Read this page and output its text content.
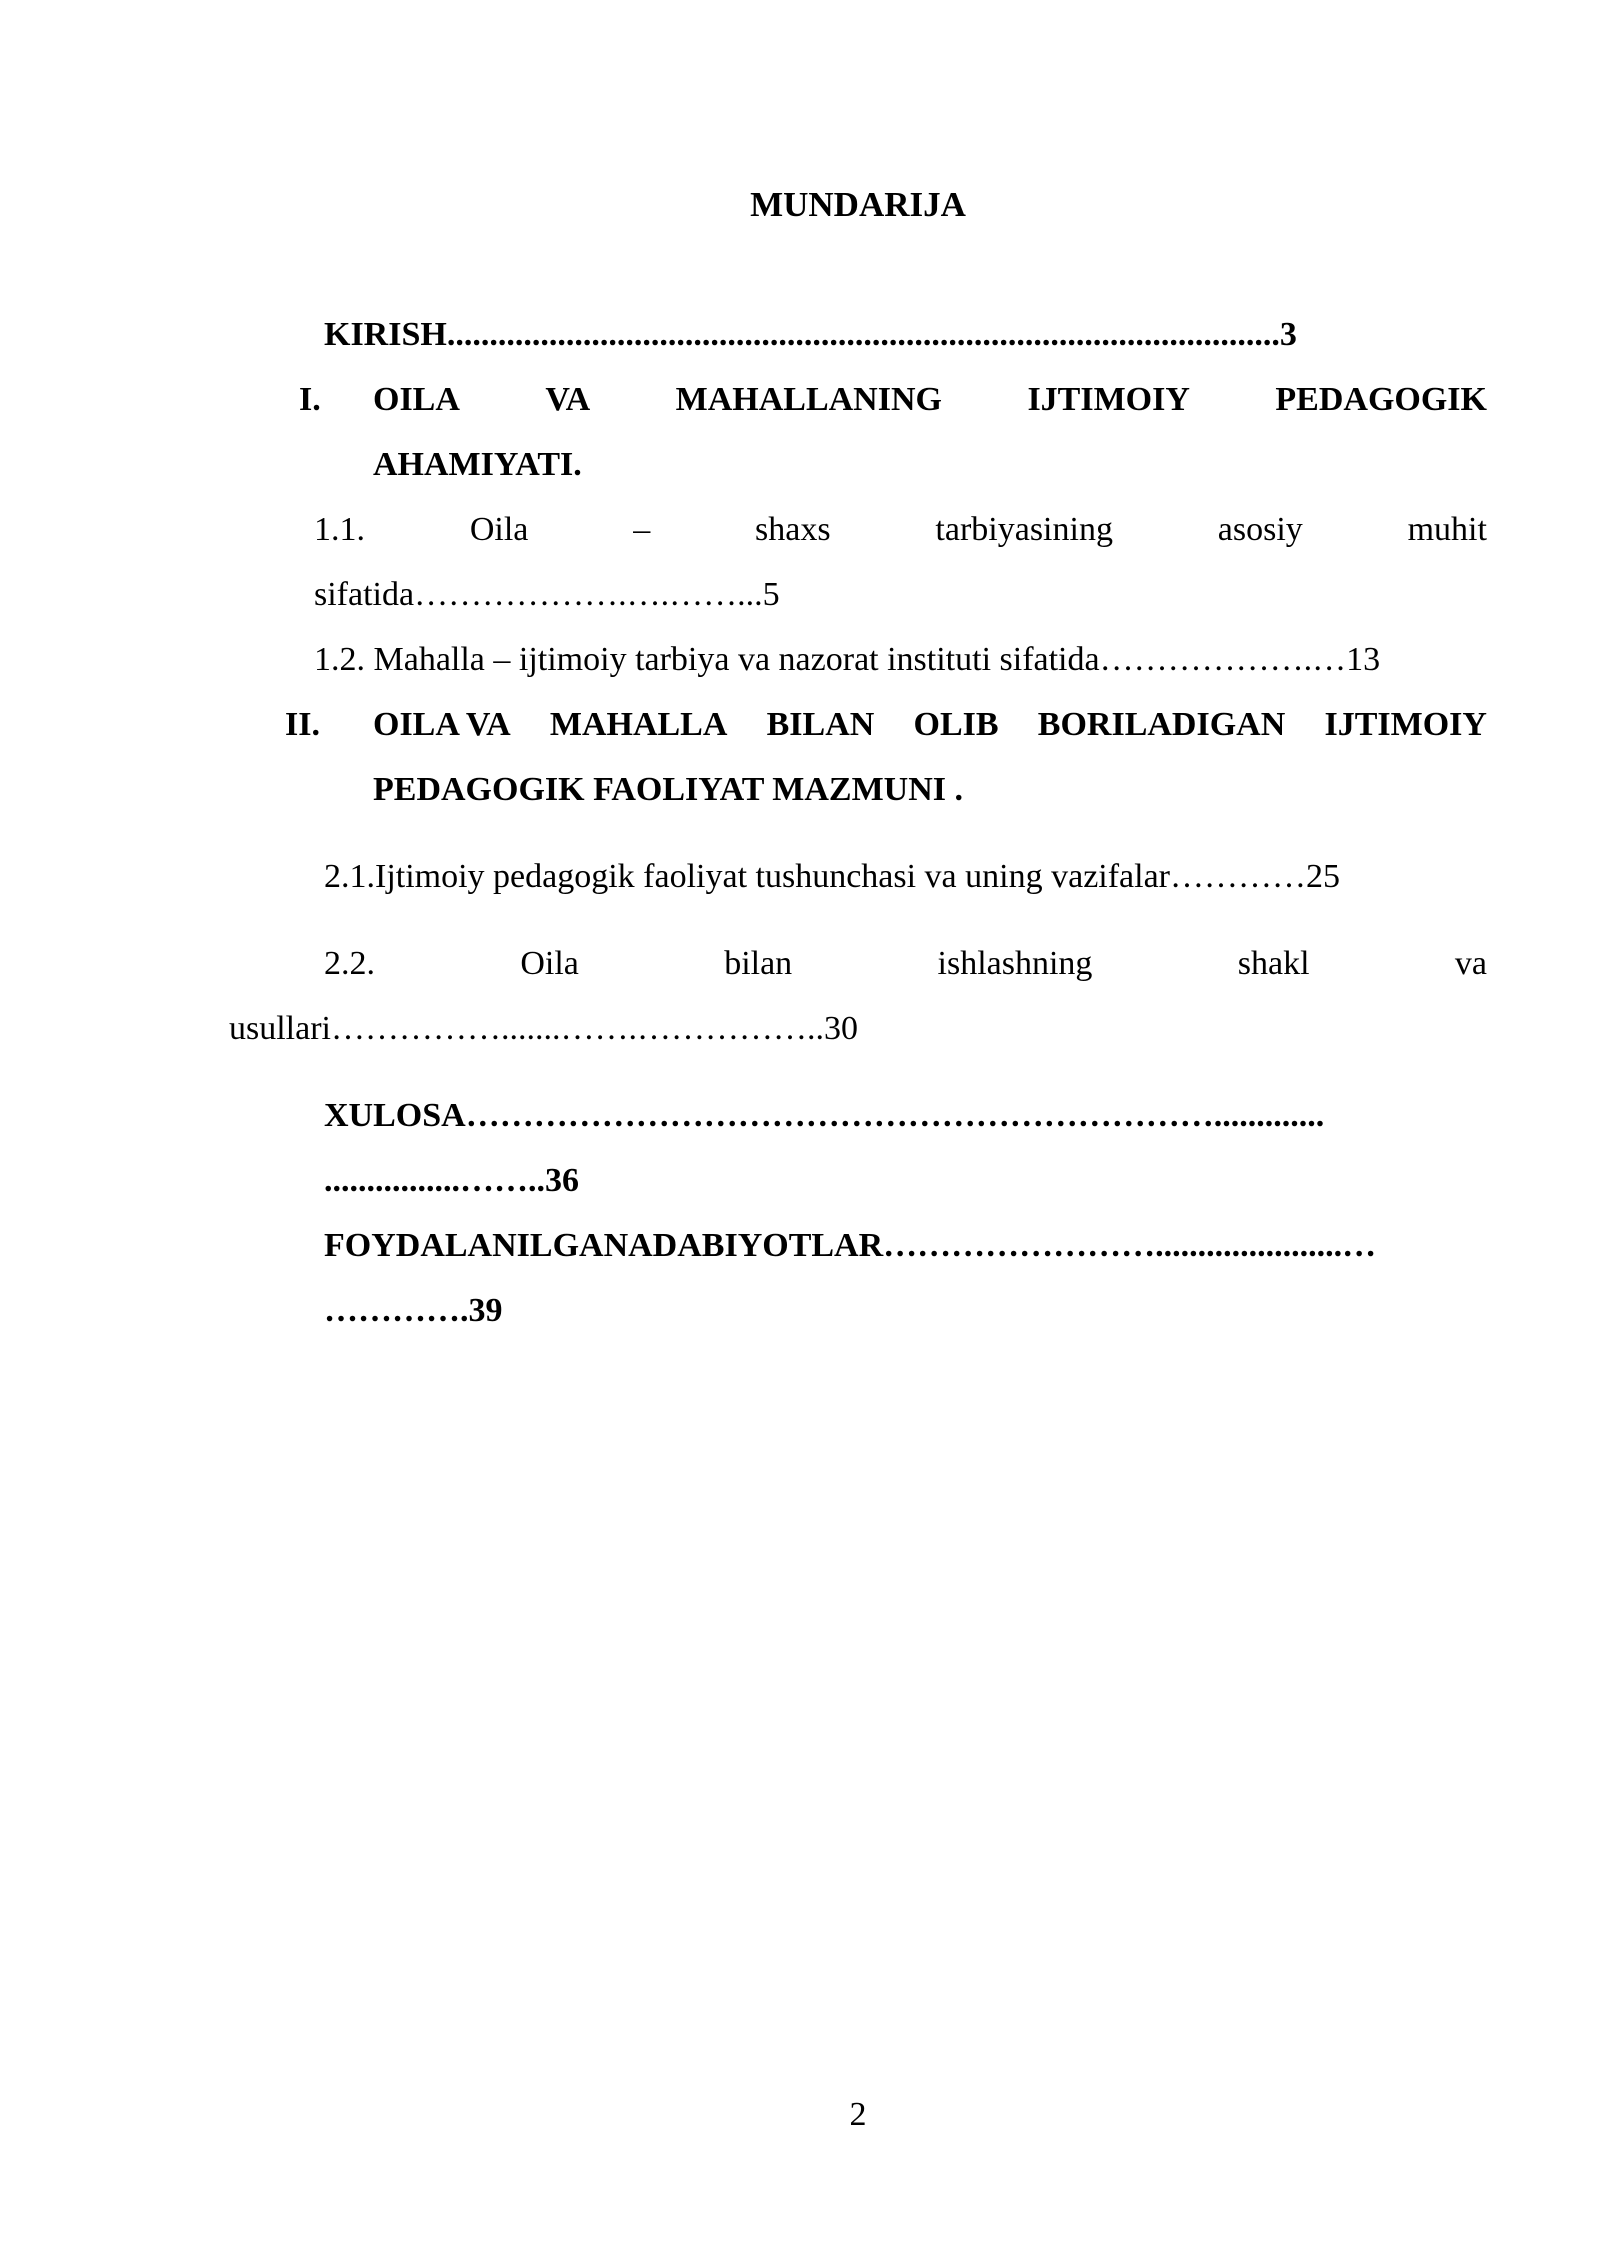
MUNDARIJA
KIRISH..................................................................................................3
I. OILA	VA	MAHALLANING	IJTIMOIY	PEDAGOGIK
AHAMIYATI.
1.1.	Oila	–	shaxs	tarbiyasining	asosiy	muhit
sifatida……………….….……...5
1.2. Mahalla – ijtimoiy tarbiya va nazorat instituti sifatida……………….…13
II. OILA VA MAHALLA BILAN OLIB BORILADIGAN IJTIMOIY
PEDAGOGIK FAOLIYAT MAZMUNI .
2.1.Ijtimoiy pedagogik faoliyat tushunchasi va uning vazifalar…………25
2.2.	Oila	bilan	ishlashning	shakl	va
usullari…………….......…….……………..30
XULOSA………………………………………………………….............
................……..36
FOYDALANILGANADABIYOTLAR……………………......................…
………….39
2
